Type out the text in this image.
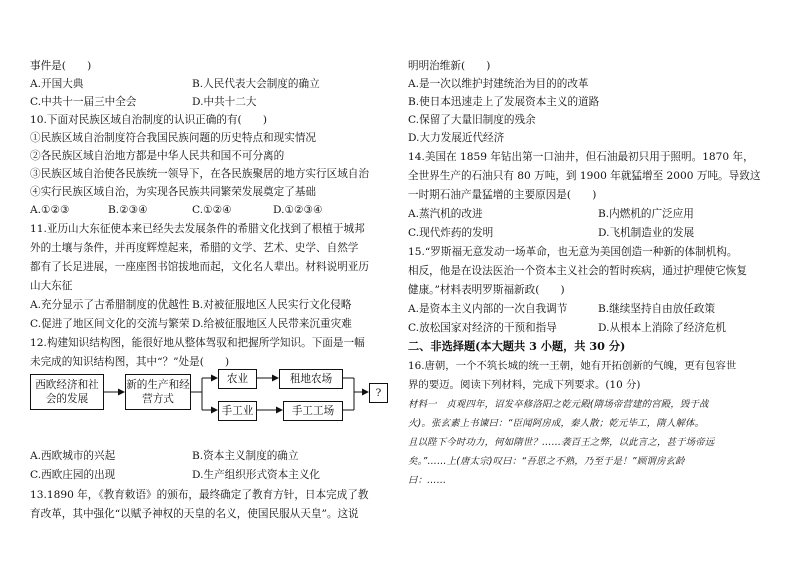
事件是(　　)
A.开国大典	B.人民代表大会制度的确立
C.中共十一届三中全会	D.中共十二大
10.下面对民族区域自治制度的认识正确的有(　　)
①民族区域自治制度符合我国民族问题的历史特点和现实情况
②各民族区域自治地方都是中华人民共和国不可分离的
③民族区域自治使各民族统一领导下，在各民族聚居的地方实行区域自治
④实行民族区域自治，为实现各民族共同繁荣发展奠定了基础
A.①②③	B.②③④	C.①②④	D.①②③④
11.亚历山大东征使本来已经失去发展条件的希腊文化找到了根植于城邦
外的土壤与条件，并再度辉煌起来，希腊的文学、艺术、史学、自然学
都有了长足进展，一座座图书馆拔地而起，文化名人辈出。材料说明亚历
山大东征
A.充分显示了古希腊制度的优越性 B.对被征服地区人民实行文化侵略
C.促进了地区间文化的交流与繁荣 D.给被征服地区人民带来沉重灾难
12.构建知识结构图，能很好地从整体驾驭和把握所学知识。下面是一幅
未完成的知识结构图，其中“？”处是(　　)
A.西欧城市的兴起	B.资本主义制度的确立
C.西欧庄园的出现	D.生产组织形式资本主义化
13.1890 年，《教育敕语》的颁布，最终确定了教育方针，日本完成了教
育改革，其中强化“以赋予神权的天皇的名义，使国民服从天皇”。这说
西欧经济和社会的发展
新的生产和经营方式
农业	租地农场
手工业	手工工场
?
明明治维新(　　)
A.是一次以维护封建统治为目的的改革
B.使日本迅速走上了发展资本主义的道路
C.保留了大量旧制度的残余
D.大力发展近代经济
14.美国在 1859 年钻出第一口油井，但石油最初只用于照明。1870 年，
全世界生产的石油只有 80 万吨，到 1900 年就猛增至 2000 万吨。导致这
一时期石油产量猛增的主要原因是(　　)
A.蒸汽机的改进	B.内燃机的广泛应用
C.现代炸药的发明	D.飞机制造业的发展
15.“罗斯福无意发动一场革命，也无意为美国创造一种新的体制机构。
相反，他是在设法医治一个资本主义社会的暂时疾病，通过护理使它恢复
健康。”材料表明罗斯福新政(　　)
A.是资本主义内部的一次自我调节	B.继续坚持自由放任政策
C.放松国家对经济的干预和指导	D.从根本上消除了经济危机
二、非选择题(本大题共 3 小题，共 30 分)
16.唐朝，一个不筑长城的统一王朝，她有开拓创新的气魄，更有包容世
界的要迈。阅读下列材料，完成下列要求。(10 分)
材料一　贞观四年，诏发卒修洛阳之乾元殿(隋场帝营建的宫殿，毁于战
火)。张玄素上书谏曰：“臣闻阿房成，秦人散；乾元毕工，隋人解体。
且以陛下今时功力，何如隋世？……袭百王之弊，以此言之，甚于场帝远
矣。”……上(唐太宗)叹曰：“吾思之不熟，乃至于是！”顾谓房玄龄
曰：……
